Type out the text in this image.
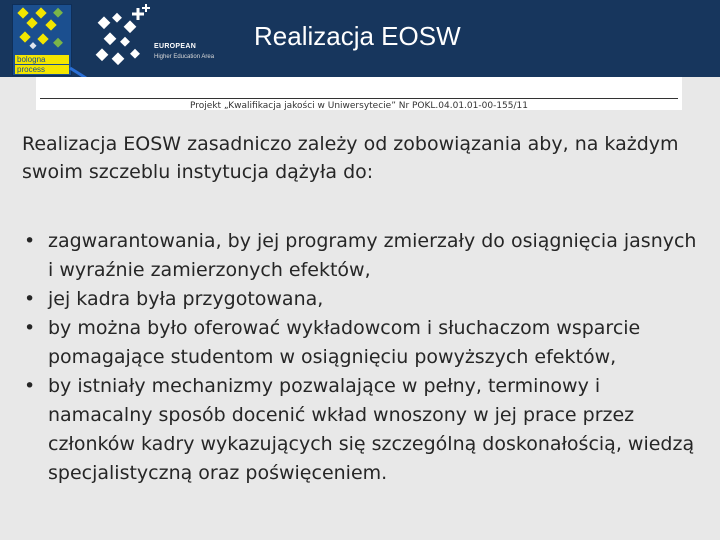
bologna
process
EUROPEAN
Higher Education Area
Realizacja EOSW
Projekt „Kwalifikacja jakości w Uniwersytecie” Nr POKL.04.01.01-00-155/11

Realizacja EOSW zasadniczo zależy od zobowiązania aby, na każdym swoim szczeblu instytucja dążyła do:

• zagwarantowania, by jej programy zmierzały do osiągnięcia jasnych i wyraźnie zamierzonych efektów,
• jej kadra była przygotowana,
• by można było oferować wykładowcom i słuchaczom wsparcie pomagające studentom w osiągnięciu powyższych efektów,
• by istniały mechanizmy pozwalające w pełny, terminowy i namacalny sposób docenić wkład wnoszony w jej prace przez członków kadry wykazujących się szczególną doskonałością, wiedzą specjalistyczną oraz poświęceniem.
